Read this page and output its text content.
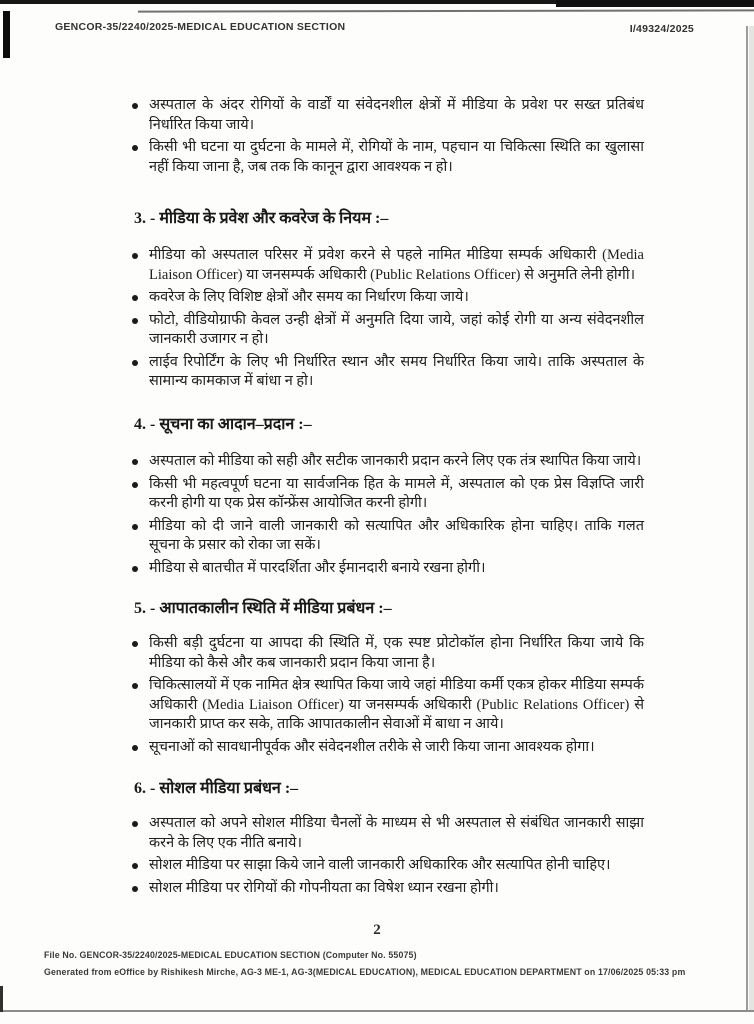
GENCOR-35/2240/2025-MEDICAL EDUCATION SECTION	I/49324/2025
अस्पताल के अंदर रोगियों के वार्डों या संवेदनशील क्षेत्रों में मीडिया के प्रवेश पर सख्त प्रतिबंध निर्धारित किया जाये।
किसी भी घटना या दुर्घटना के मामले में, रोगियों के नाम, पहचान या चिकित्सा स्थिति का खुलासा नहीं किया जाना है, जब तक कि कानून द्वारा आवश्यक न हो।
3. - मीडिया के प्रवेश और कवरेज के नियम :–
मीडिया को अस्पताल परिसर में प्रवेश करने से पहले नामित मीडिया सम्पर्क अधिकारी (Media Liaison Officer) या जनसम्पर्क अधिकारी (Public Relations Officer) से अनुमति लेनी होगी।
कवरेज के लिए विशिष्ट क्षेत्रों और समय का निर्धारण किया जाये।
फोटो, वीडियोग्राफी केवल उन्ही क्षेत्रों में अनुमति दिया जाये, जहां कोई रोगी या अन्य संवेदनशील जानकारी उजागर न हो।
लाईव रिपोर्टिंग के लिए भी निर्धारित स्थान और समय निर्धारित किया जाये। ताकि अस्पताल के सामान्य कामकाज में बांधा न हो।
4. - सूचना का आदान–प्रदान :–
अस्पताल को मीडिया को सही और सटीक जानकारी प्रदान करने लिए एक तंत्र स्थापित किया जाये।
किसी भी महत्वपूर्ण घटना या सार्वजनिक हित के मामले में, अस्पताल को एक प्रेस विज्ञप्ति जारी करनी होगी या एक प्रेस कॉन्फ्रेंस आयोजित करनी होगी।
मीडिया को दी जाने वाली जानकारी को सत्यापित और अधिकारिक होना चाहिए। ताकि गलत सूचना के प्रसार को रोका जा सकें।
मीडिया से बातचीत में पारदर्शिता और ईमानदारी बनाये रखना होगी।
5. - आपातकालीन स्थिति में मीडिया प्रबंधन :–
किसी बड़ी दुर्घटना या आपदा की स्थिति में, एक स्पष्ट प्रोटोकॉल होना निर्धारित किया जाये कि मीडिया को कैसे और कब जानकारी प्रदान किया जाना है।
चिकित्सालयों में एक नामित क्षेत्र स्थापित किया जाये जहां मीडिया कर्मी एकत्र होकर मीडिया सम्पर्क अधिकारी (Media Liaison Officer) या जनसम्पर्क अधिकारी (Public Relations Officer) से जानकारी प्राप्त कर सके, ताकि आपातकालीन सेवाओं में बाधा न आये।
सूचनाओं को सावधानीपूर्वक और संवेदनशील तरीके से जारी किया जाना आवश्यक होगा।
6. - सोशल मीडिया प्रबंधन :–
अस्पताल को अपने सोशल मीडिया चैनलों के माध्यम से भी अस्पताल से संबंधित जानकारी साझा करने के लिए एक नीति बनाये।
सोशल मीडिया पर साझा किये जाने वाली जानकारी अधिकारिक और सत्यापित होनी चाहिए।
सोशल मीडिया पर रोगियों की गोपनीयता का विषेश ध्यान रखना होगी।
2
File No. GENCOR-35/2240/2025-MEDICAL EDUCATION SECTION (Computer No. 55075)
Generated from eOffice by Rishikesh Mirche, AG-3 ME-1, AG-3(MEDICAL EDUCATION), MEDICAL EDUCATION DEPARTMENT on 17/06/2025 05:33 pm
